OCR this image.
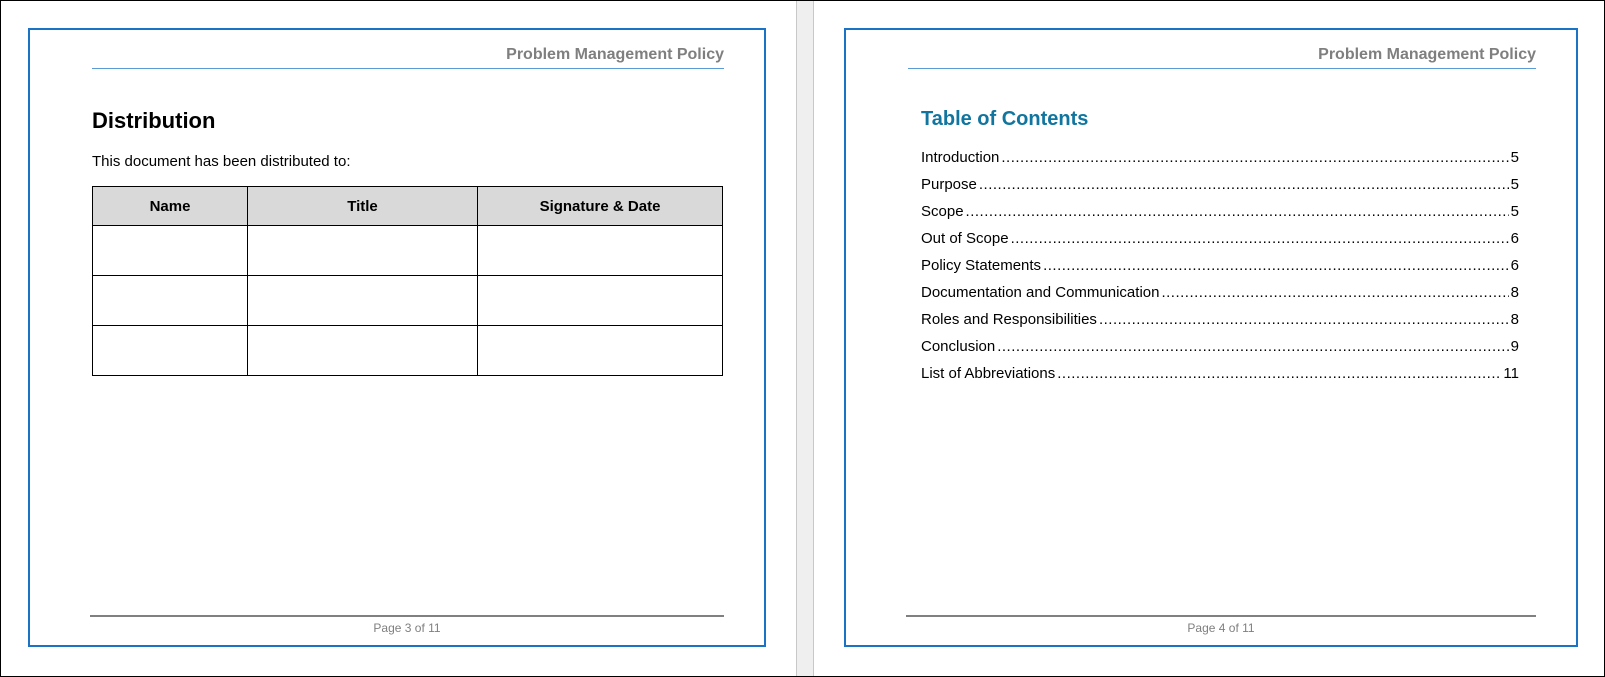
Problem Management Policy
Distribution
This document has been distributed to:
Name	Title	Signature & Date

Page 3 of 11
Problem Management Policy
Table of Contents
Introduction .....	5
Purpose .....	5
Scope .....	5
Out of Scope .....	6
Policy Statements .....	6
Documentation and Communication .....	8
Roles and Responsibilities .....	8
Conclusion .....	9
List of Abbreviations .....	11
Page 4 of 11
